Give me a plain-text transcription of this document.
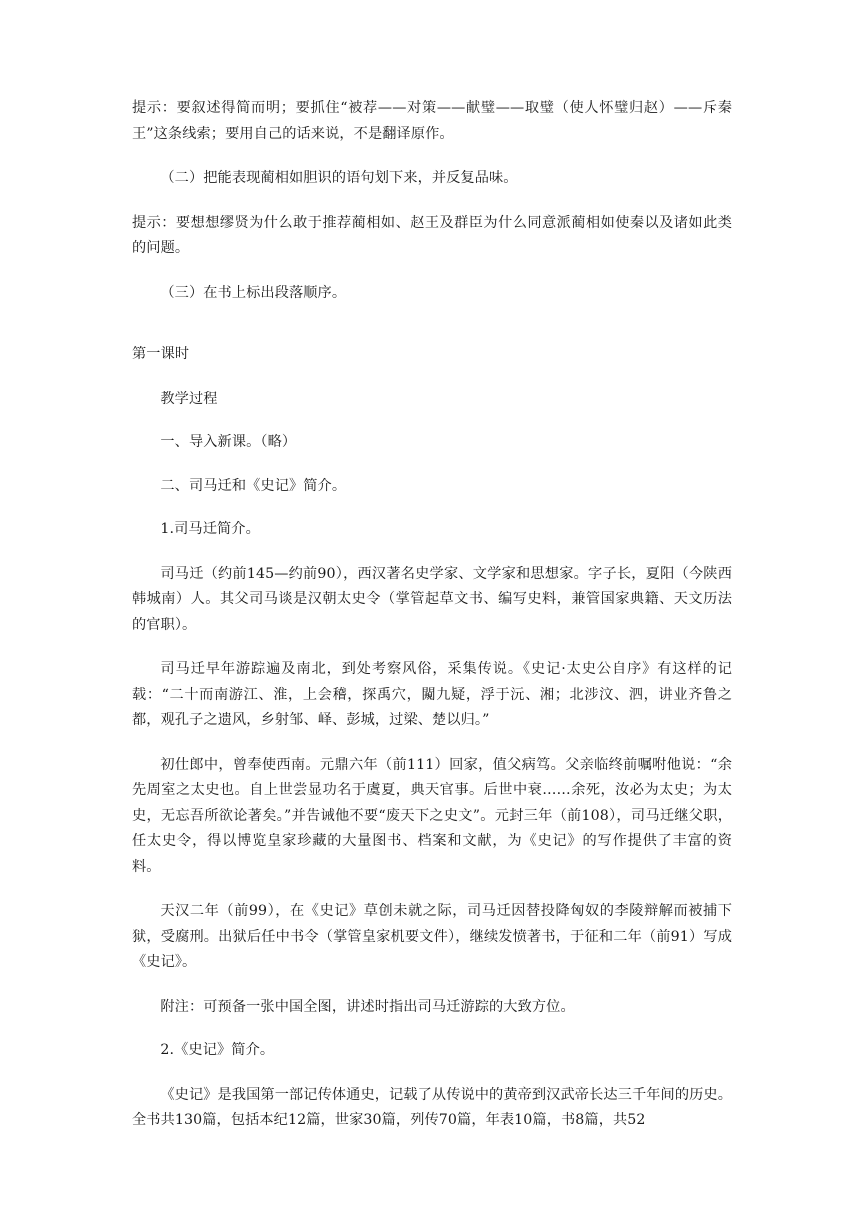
提示：要叙述得简而明；要抓住“被荐——对策——献璧——取璧（使人怀璧归赵）——斥秦王”这条线索；要用自己的话来说，不是翻译原作。

（二）把能表现蔺相如胆识的语句划下来，并反复品味。

提示：要想想缪贤为什么敢于推荐蔺相如、赵王及群臣为什么同意派蔺相如使秦以及诸如此类的问题。

（三）在书上标出段落顺序。

第一课时

教学过程

一、导入新课。（略）

二、司马迁和《史记》简介。

1.司马迁简介。

司马迁（约前145—约前90），西汉著名史学家、文学家和思想家。字子长，夏阳（今陕西韩城南）人。其父司马谈是汉朝太史令（掌管起草文书、编写史料，兼管国家典籍、天文历法的官职）。

司马迁早年游踪遍及南北，到处考察风俗，采集传说。《史记·太史公自序》有这样的记载：“二十而南游江、淮，上会稽，探禹穴，闚九疑，浮于沅、湘；北涉汶、泗，讲业齐鲁之都，观孔子之遗风，乡射邹、峄、彭城，过梁、楚以归。”

初仕郎中，曾奉使西南。元鼎六年（前111）回家，值父病笃。父亲临终前嘱咐他说：“余先周室之太史也。自上世尝显功名于虞夏，典天官事。后世中衰……余死，汝必为太史；为太史，无忘吾所欲论著矣。”并告诫他不要“废天下之史文”。元封三年（前108），司马迁继父职，任太史令，得以博览皇家珍藏的大量图书、档案和文献，为《史记》的写作提供了丰富的资料。

天汉二年（前99），在《史记》草创未就之际，司马迁因替投降匈奴的李陵辩解而被捕下狱，受腐刑。出狱后任中书令（掌管皇家机要文件），继续发愤著书，于征和二年（前91）写成《史记》。

附注：可预备一张中国全图，讲述时指出司马迁游踪的大致方位。

2.《史记》简介。

《史记》是我国第一部记传体通史，记载了从传说中的黄帝到汉武帝长达三千年间的历史。全书共130篇，包括本纪12篇，世家30篇，列传70篇，年表10篇，书8篇，共52
